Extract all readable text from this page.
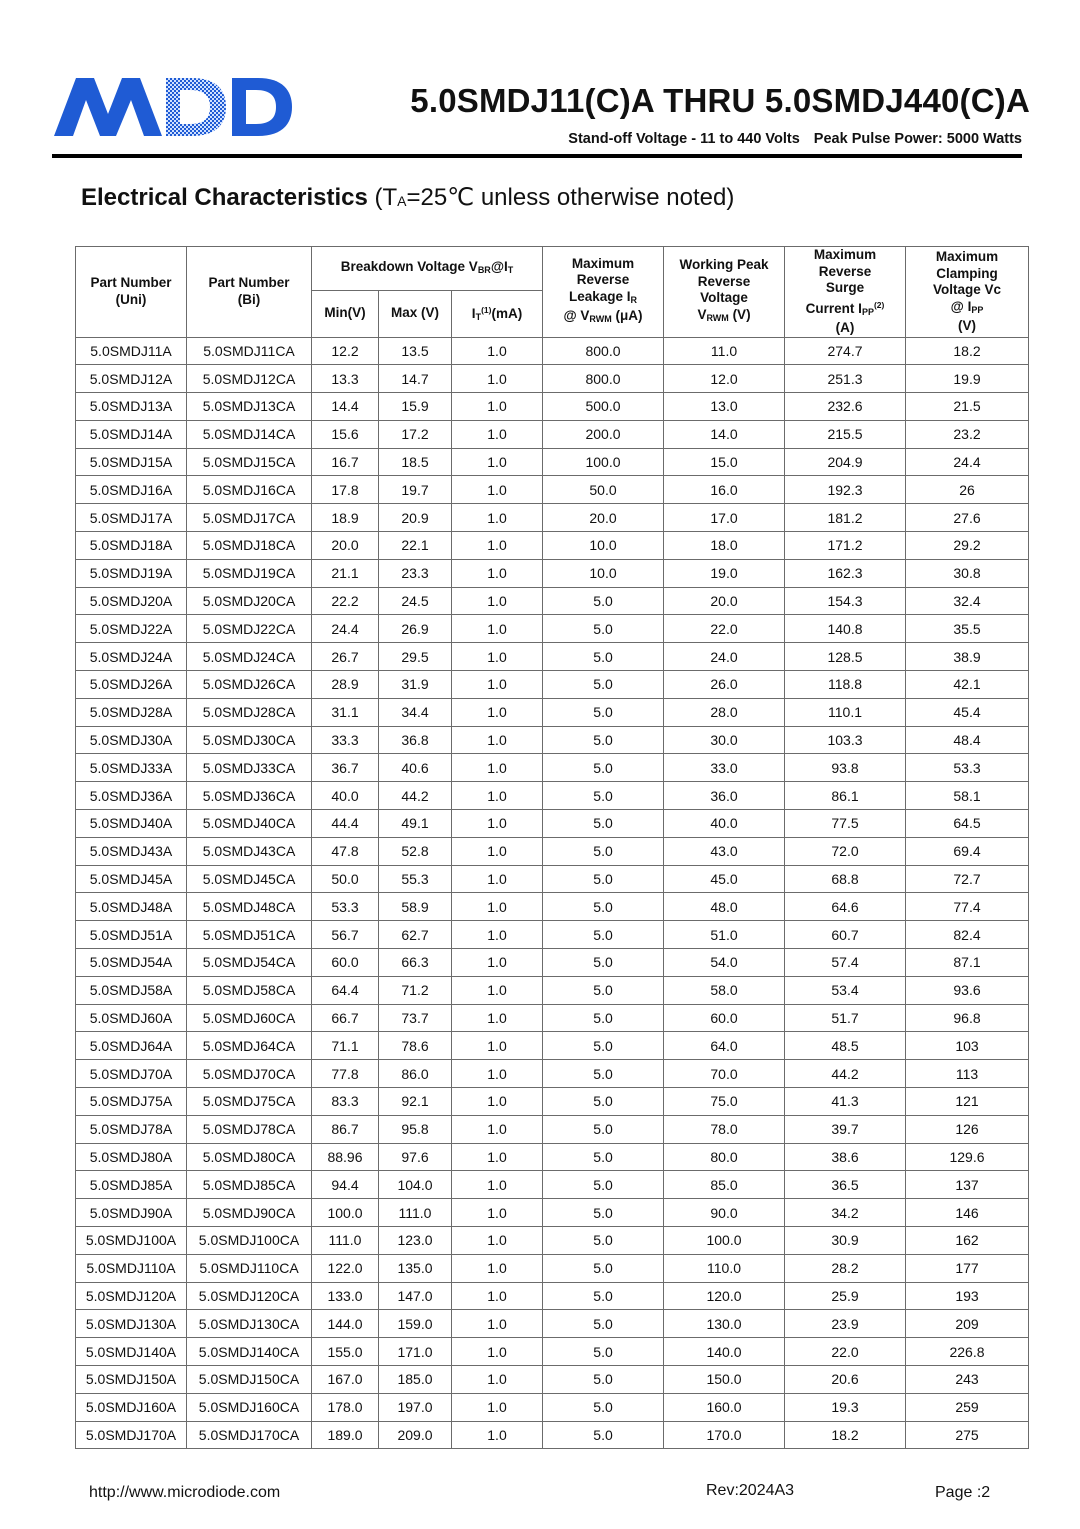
5.0SMDJ11(C)A THRU 5.0SMDJ440(C)A
Stand-off Voltage - 11 to 440 Volts Peak Pulse Power: 5000 Watts
Electrical Characteristics ($T_A=25℃$ unless otherwise noted)
Part Number
(Uni)	Part Number
(Bi)	Breakdown Voltage VBR@IT			Maximum
Reverse
Leakage IR
@ VRWM (μA)	Working Peak
Reverse
Voltage
VRWM (V)	Maximum
Reverse
Surge
Current IPP$^{(2)}$
(A)	Maximum
Clamping
Voltage Vc
@ IPP
(V)
		Min(V)	Max (V)	IT$^{(1)}$(mA)				
5.0SMDJ11A	5.0SMDJ11CA	12.2	13.5	1.0	800.0	11.0	274.7	18.2
5.0SMDJ12A	5.0SMDJ12CA	13.3	14.7	1.0	800.0	12.0	251.3	19.9
5.0SMDJ13A	5.0SMDJ13CA	14.4	15.9	1.0	500.0	13.0	232.6	21.5
5.0SMDJ14A	5.0SMDJ14CA	15.6	17.2	1.0	200.0	14.0	215.5	23.2
5.0SMDJ15A	5.0SMDJ15CA	16.7	18.5	1.0	100.0	15.0	204.9	24.4
5.0SMDJ16A	5.0SMDJ16CA	17.8	19.7	1.0	50.0	16.0	192.3	26
5.0SMDJ17A	5.0SMDJ17CA	18.9	20.9	1.0	20.0	17.0	181.2	27.6
5.0SMDJ18A	5.0SMDJ18CA	20.0	22.1	1.0	10.0	18.0	171.2	29.2
5.0SMDJ19A	5.0SMDJ19CA	21.1	23.3	1.0	10.0	19.0	162.3	30.8
5.0SMDJ20A	5.0SMDJ20CA	22.2	24.5	1.0	5.0	20.0	154.3	32.4
5.0SMDJ22A	5.0SMDJ22CA	24.4	26.9	1.0	5.0	22.0	140.8	35.5
5.0SMDJ24A	5.0SMDJ24CA	26.7	29.5	1.0	5.0	24.0	128.5	38.9
5.0SMDJ26A	5.0SMDJ26CA	28.9	31.9	1.0	5.0	26.0	118.8	42.1
5.0SMDJ28A	5.0SMDJ28CA	31.1	34.4	1.0	5.0	28.0	110.1	45.4
5.0SMDJ30A	5.0SMDJ30CA	33.3	36.8	1.0	5.0	30.0	103.3	48.4
5.0SMDJ33A	5.0SMDJ33CA	36.7	40.6	1.0	5.0	33.0	93.8	53.3
5.0SMDJ36A	5.0SMDJ36CA	40.0	44.2	1.0	5.0	36.0	86.1	58.1
5.0SMDJ40A	5.0SMDJ40CA	44.4	49.1	1.0	5.0	40.0	77.5	64.5
5.0SMDJ43A	5.0SMDJ43CA	47.8	52.8	1.0	5.0	43.0	72.0	69.4
5.0SMDJ45A	5.0SMDJ45CA	50.0	55.3	1.0	5.0	45.0	68.8	72.7
5.0SMDJ48A	5.0SMDJ48CA	53.3	58.9	1.0	5.0	48.0	64.6	77.4
5.0SMDJ51A	5.0SMDJ51CA	56.7	62.7	1.0	5.0	51.0	60.7	82.4
5.0SMDJ54A	5.0SMDJ54CA	60.0	66.3	1.0	5.0	54.0	57.4	87.1
5.0SMDJ58A	5.0SMDJ58CA	64.4	71.2	1.0	5.0	58.0	53.4	93.6
5.0SMDJ60A	5.0SMDJ60CA	66.7	73.7	1.0	5.0	60.0	51.7	96.8
5.0SMDJ64A	5.0SMDJ64CA	71.1	78.6	1.0	5.0	64.0	48.5	103
5.0SMDJ70A	5.0SMDJ70CA	77.8	86.0	1.0	5.0	70.0	44.2	113
5.0SMDJ75A	5.0SMDJ75CA	83.3	92.1	1.0	5.0	75.0	41.3	121
5.0SMDJ78A	5.0SMDJ78CA	86.7	95.8	1.0	5.0	78.0	39.7	126
5.0SMDJ80A	5.0SMDJ80CA	88.96	97.6	1.0	5.0	80.0	38.6	129.6
5.0SMDJ85A	5.0SMDJ85CA	94.4	104.0	1.0	5.0	85.0	36.5	137
5.0SMDJ90A	5.0SMDJ90CA	100.0	111.0	1.0	5.0	90.0	34.2	146
5.0SMDJ100A	5.0SMDJ100CA	111.0	123.0	1.0	5.0	100.0	30.9	162
5.0SMDJ110A	5.0SMDJ110CA	122.0	135.0	1.0	5.0	110.0	28.2	177
5.0SMDJ120A	5.0SMDJ120CA	133.0	147.0	1.0	5.0	120.0	25.9	193
5.0SMDJ130A	5.0SMDJ130CA	144.0	159.0	1.0	5.0	130.0	23.9	209
5.0SMDJ140A	5.0SMDJ140CA	155.0	171.0	1.0	5.0	140.0	22.0	226.8
5.0SMDJ150A	5.0SMDJ150CA	167.0	185.0	1.0	5.0	150.0	20.6	243
5.0SMDJ160A	5.0SMDJ160CA	178.0	197.0	1.0	5.0	160.0	19.3	259
5.0SMDJ170A	5.0SMDJ170CA	189.0	209.0	1.0	5.0	170.0	18.2	275
http://www.microdiode.com	Rev:2024A3	Page :2
